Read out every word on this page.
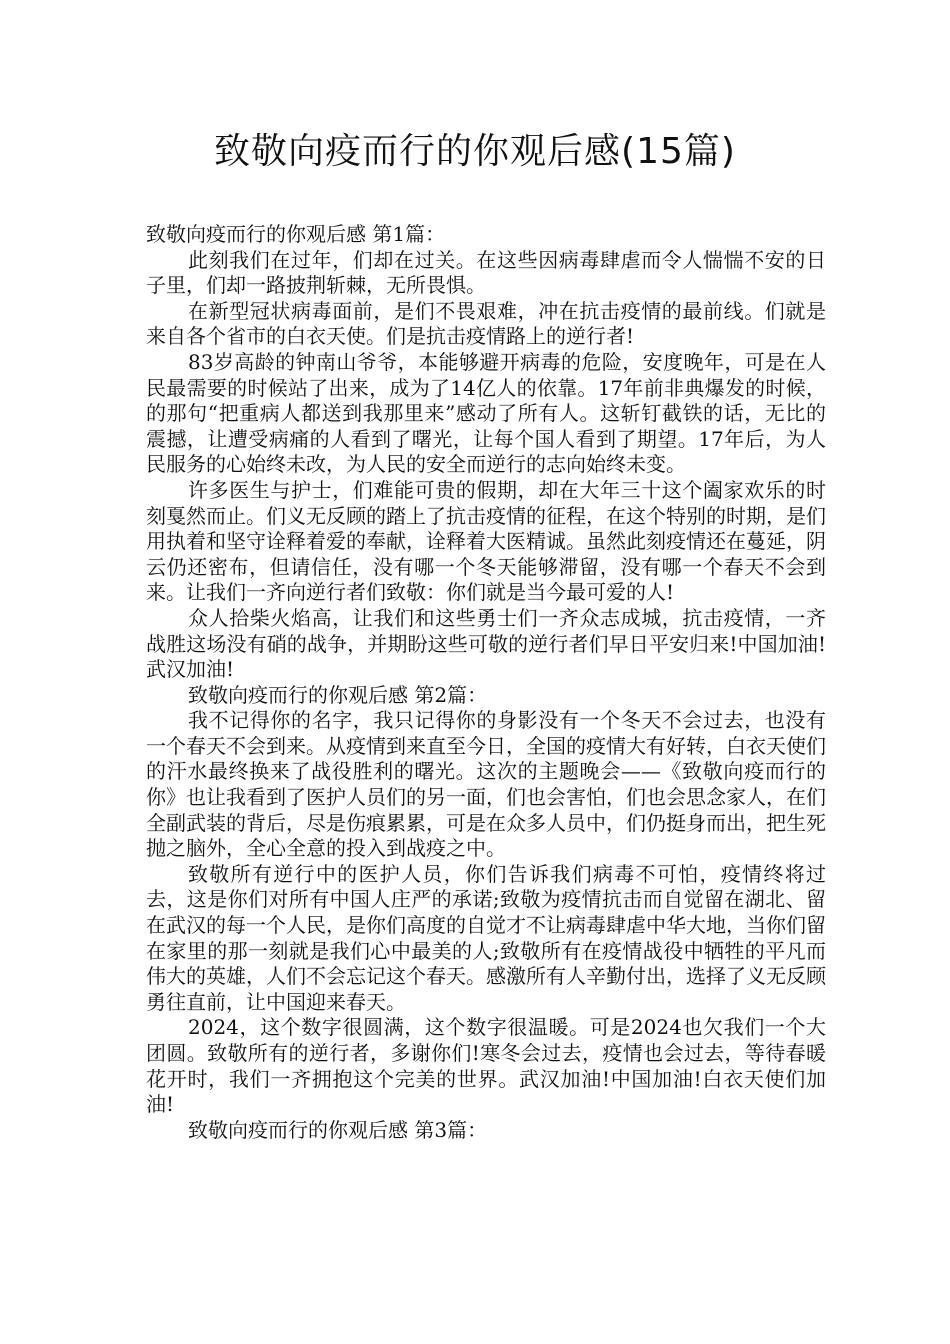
致敬向疫而行的你观后感(15篇)

致敬向疫而行的你观后感 第1篇：

此刻我们在过年，们却在过关。在这些因病毒肆虐而令人惴惴不安的日子里，们却一路披荆斩棘，无所畏惧。

在新型冠状病毒面前，是们不畏艰难，冲在抗击疫情的最前线。们就是来自各个省市的白衣天使。们是抗击疫情路上的逆行者!

83岁高龄的钟南山爷爷，本能够避开病毒的危险，安度晚年，可是在人民最需要的时候站了出来，成为了14亿人的依靠。17年前非典爆发的时候，的那句“把重病人都送到我那里来”感动了所有人。这斩钉截铁的话，无比的震撼，让遭受病痛的人看到了曙光，让每个国人看到了期望。17年后，为人民服务的心始终未改，为人民的安全而逆行的志向始终未变。

许多医生与护士，们难能可贵的假期，却在大年三十这个阖家欢乐的时刻戛然而止。们义无反顾的踏上了抗击疫情的征程，在这个特别的时期，是们用执着和坚守诠释着爱的奉献，诠释着大医精诚。虽然此刻疫情还在蔓延，阴云仍还密布，但请信任，没有哪一个冬天能够滞留，没有哪一个春天不会到来。让我们一齐向逆行者们致敬：你们就是当今最可爱的人!

众人拾柴火焰高，让我们和这些勇士们一齐众志成城，抗击疫情，一齐战胜这场没有硝的战争，并期盼这些可敬的逆行者们早日平安归来!中国加油!武汉加油!

致敬向疫而行的你观后感 第2篇：

我不记得你的名字，我只记得你的身影没有一个冬天不会过去，也没有一个春天不会到来。从疫情到来直至今日，全国的疫情大有好转，白衣天使们的汗水最终换来了战役胜利的曙光。这次的主题晚会——《致敬向疫而行的你》也让我看到了医护人员们的另一面，们也会害怕，们也会思念家人，在们全副武装的背后，尽是伤痕累累，可是在众多人员中，们仍挺身而出，把生死抛之脑外，全心全意的投入到战疫之中。

致敬所有逆行中的医护人员，你们告诉我们病毒不可怕，疫情终将过去，这是你们对所有中国人庄严的承诺;致敬为疫情抗击而自觉留在湖北、留在武汉的每一个人民，是你们高度的自觉才不让病毒肆虐中华大地，当你们留在家里的那一刻就是我们心中最美的人;致敬所有在疫情战役中牺牲的平凡而伟大的英雄，人们不会忘记这个春天。感激所有人辛勤付出，选择了义无反顾勇往直前，让中国迎来春天。

2024，这个数字很圆满，这个数字很温暖。可是2024也欠我们一个大团圆。致敬所有的逆行者，多谢你们!寒冬会过去，疫情也会过去，等待春暖花开时，我们一齐拥抱这个完美的世界。武汉加油!中国加油!白衣天使们加油!

致敬向疫而行的你观后感 第3篇：
